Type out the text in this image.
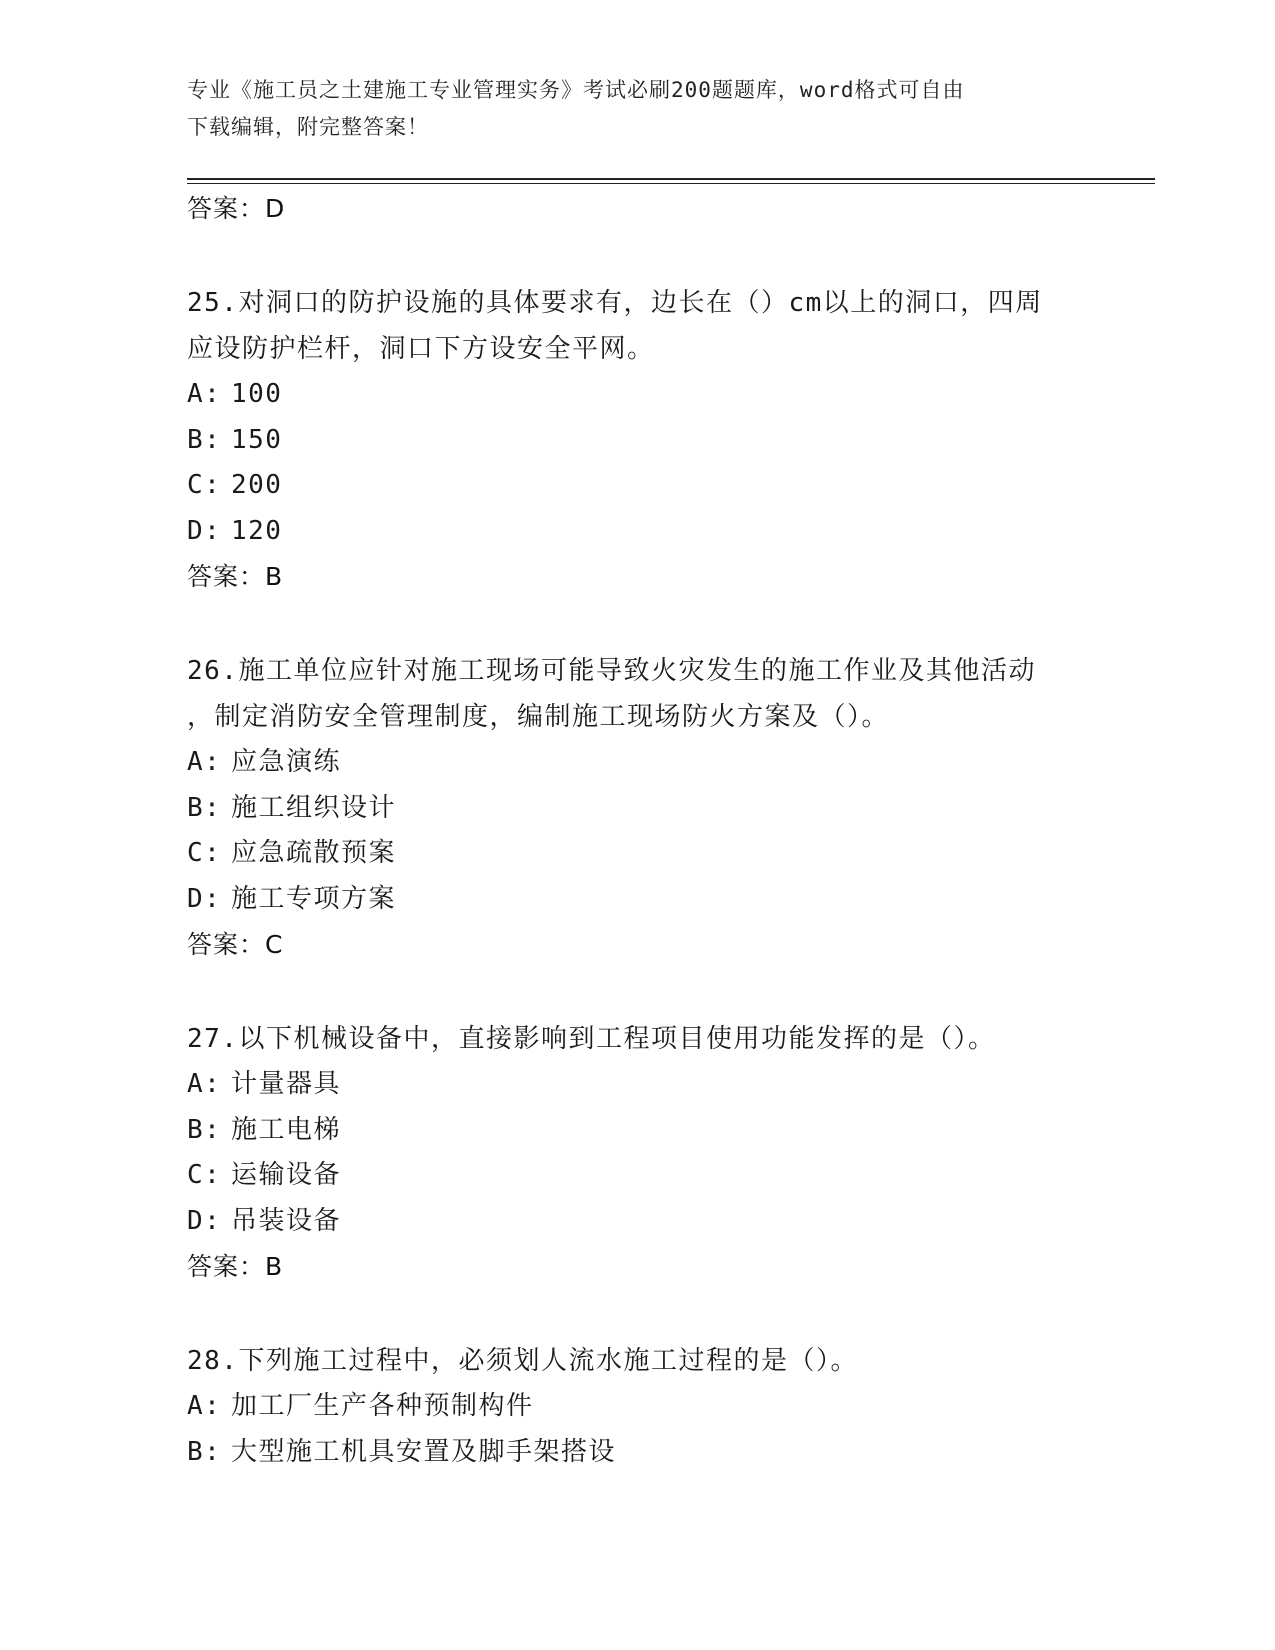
专业《施工员之土建施工专业管理实务》考试必刷200题题库，word格式可自由
下载编辑，附完整答案！
答案：D
25.对洞口的防护设施的具体要求有，边长在（）cm以上的洞口，四周
应设防护栏杆，洞口下方设安全平网。
A: 100
B: 150
C: 200
D: 120
答案：B
26.施工单位应针对施工现场可能导致火灾发生的施工作业及其他活动
，制定消防安全管理制度，编制施工现场防火方案及（）。
A: 应急演练
B: 施工组织设计
C: 应急疏散预案
D: 施工专项方案
答案：C
27.以下机械设备中，直接影响到工程项目使用功能发挥的是（）。
A: 计量器具
B: 施工电梯
C: 运输设备
D: 吊装设备
答案：B
28.下列施工过程中，必须划人流水施工过程的是（）。
A: 加工厂生产各种预制构件
B: 大型施工机具安置及脚手架搭设
